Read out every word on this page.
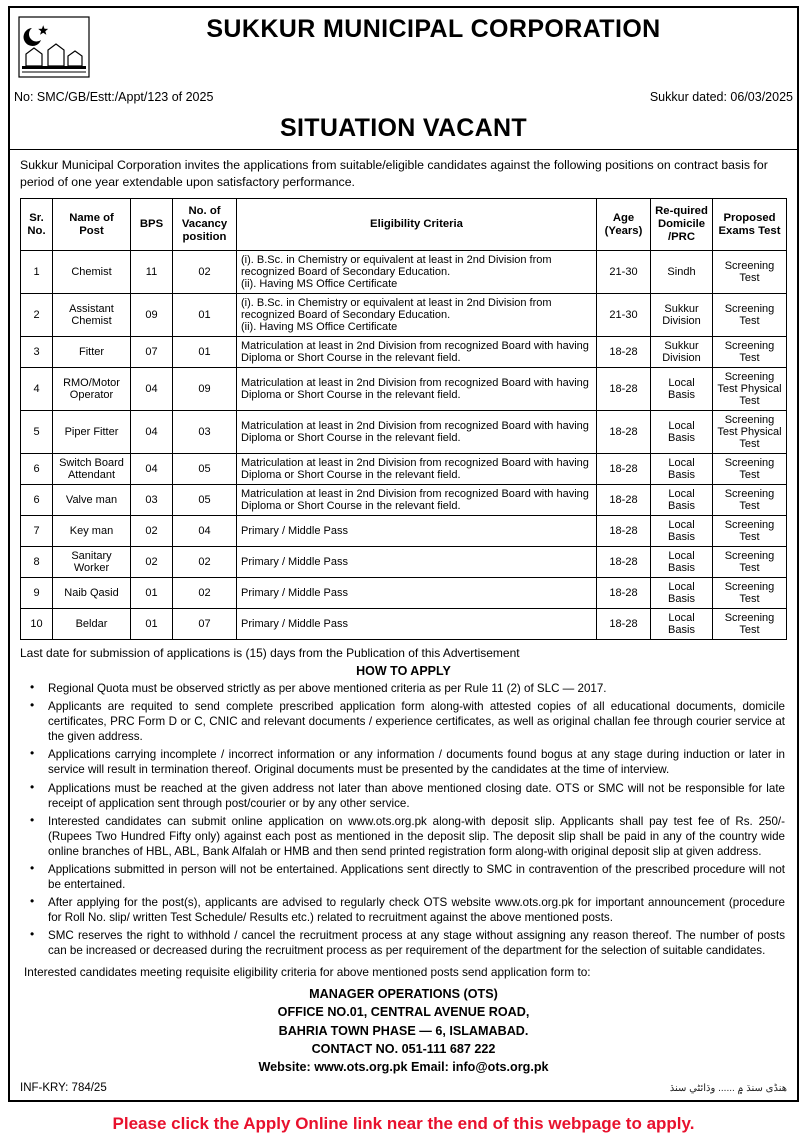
SUKKUR MUNICIPAL CORPORATION
No: SMC/GB/Estt:/Appt/123 of 2025	Sukkur dated: 06/03/2025
SITUATION VACANT
Sukkur Municipal Corporation invites the applications from suitable/eligible candidates against the following positions on contract basis for period of one year extendable upon satisfactory performance.
Sr. No.	Name of Post	BPS	No. of Vacancy position	Eligibility Criteria	Age (Years)	Re-quired Domicile /PRC	Proposed Exams Test
1	Chemist	11	02	(i). B.Sc. in Chemistry or equivalent at least in 2nd Division from recognized Board of Secondary Education.
(ii). Having MS Office Certificate	21-30	Sindh	Screening Test
2	Assistant Chemist	09	01	(i). B.Sc. in Chemistry or equivalent at least in 2nd Division from recognized Board of Secondary Education.
(ii). Having MS Office Certificate	21-30	Sukkur Division	Screening Test
3	Fitter	07	01	Matriculation at least in 2nd Division from recognized Board with having Diploma or Short Course in the relevant field.	18-28	Sukkur Division	Screening Test
4	RMO/Motor Operator	04	09	Matriculation at least in 2nd Division from recognized Board with having Diploma or Short Course in the relevant field.	18-28	Local Basis	Screening Test Physical Test
5	Piper Fitter	04	03	Matriculation at least in 2nd Division from recognized Board with having Diploma or Short Course in the relevant field.	18-28	Local Basis	Screening Test Physical Test
6	Switch Board Attendant	04	05	Matriculation at least in 2nd Division from recognized Board with having Diploma or Short Course in the relevant field.	18-28	Local Basis	Screening Test
6	Valve man	03	05	Matriculation at least in 2nd Division from recognized Board with having Diploma or Short Course in the relevant field.	18-28	Local Basis	Screening Test
7	Key man	02	04	Primary / Middle Pass	18-28	Local Basis	Screening Test
8	Sanitary Worker	02	02	Primary / Middle Pass	18-28	Local Basis	Screening Test
9	Naib Qasid	01	02	Primary / Middle Pass	18-28	Local Basis	Screening Test
10	Beldar	01	07	Primary / Middle Pass	18-28	Local Basis	Screening Test
Last date for submission of applications is (15) days from the Publication of this Advertisement
HOW TO APPLY
• Regional Quota must be observed strictly as per above mentioned criteria as per Rule 11 (2) of SLC — 2017.
• Applicants are requited to send complete prescribed application form along-with attested copies of all educational documents, domicile certificates, PRC Form D or C, CNIC and relevant documents / experience certificates, as well as original challan fee through courier service at the given address.
• Applications carrying incomplete / incorrect information or any information / documents found bogus at any stage during induction or later in service will result in termination thereof. Original documents must be presented by the candidates at the time of interview.
• Applications must be reached at the given address not later than above mentioned closing date. OTS or SMC will not be responsible for late receipt of application sent through post/courier or by any other service.
• Interested candidates can submit online application on www.ots.org.pk along-with deposit slip. Applicants shall pay test fee of Rs. 250/- (Rupees Two Hundred Fifty only) against each post as mentioned in the deposit slip. The deposit slip shall be paid in any of the country wide online branches of HBL, ABL, Bank Alfalah or HMB and then send printed registration form along-with original deposit slip at given address.
• Applications submitted in person will not be entertained. Applications sent directly to SMC in contravention of the prescribed procedure will not be entertained.
• After applying for the post(s), applicants are advised to regularly check OTS website www.ots.org.pk for important announcement (procedure for Roll No. slip/ written Test Schedule/ Results etc.) related to recruitment against the above mentioned posts.
• SMC reserves the right to withhold / cancel the recruitment process at any stage without assigning any reason thereof. The number of posts can be increased or decreased during the recruitment process as per requirement of the department for the selection of suitable candidates.
Interested candidates meeting requisite eligibility criteria for above mentioned posts send application form to:
MANAGER OPERATIONS (OTS)
OFFICE NO.01, CENTRAL AVENUE ROAD,
BAHRIA TOWN PHASE — 6, ISLAMABAD.
CONTACT NO. 051-111 687 222
Website: www.ots.org.pk Email: info@ots.org.pk
INF-KRY: 784/25	ھنڈی سنڌ ۾ ...... وڌائڻي سنڌ
Please click the Apply Online link near the end of this webpage to apply.
